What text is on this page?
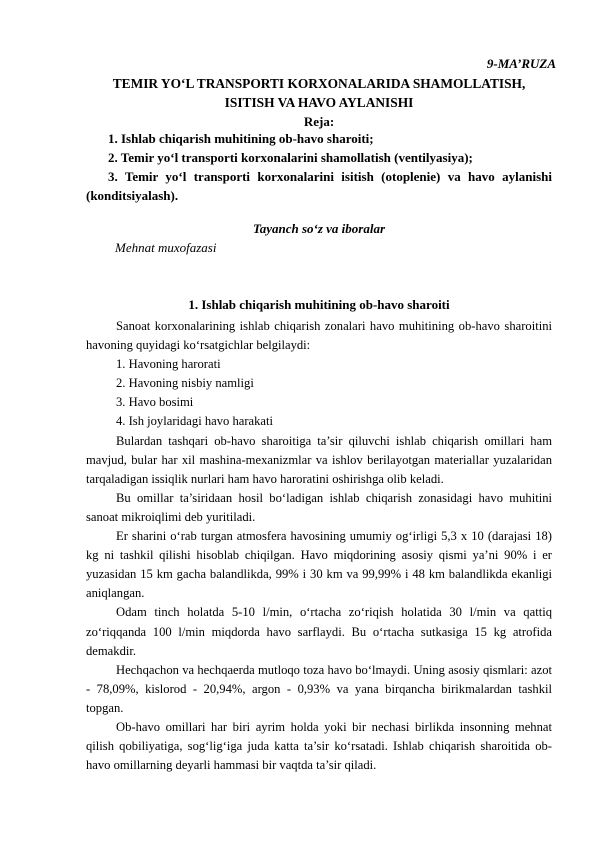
9-MA’RUZA
TEMIR YO‘L TRANSPORTI KORXONALARIDA SHAMOLLATISH,
ISITISH VA HAVO AYLANISHI
Reja:
1. Ishlab chiqarish muhitining ob-havo sharoiti;
2. Temir yo‘l transporti korxonalarini shamollatish (ventilyasiya);
3. Temir yo‘l transporti korxonalarini isitish (otoplenie) va havo aylanishi (konditsiyalash).
Tayanch so‘z va iboralar
Mehnat muxofazasi
1. Ishlab chiqarish muhitining ob-havo sharoiti

Sanoat korxonalarining ishlab chiqarish zonalari havo muhitining ob-havo sharoitini havoning quyidagi ko‘rsatgichlar belgilaydi:

1. Havoning harorati
2. Havoning nisbiy namligi
3. Havo bosimi
4. Ish joylaridagi havo harakati

Bulardan tashqari ob-havo sharoitiga ta’sir qiluvchi ishlab chiqarish omillari ham mavjud, bular har xil mashina-mexanizmlar va ishlov berilayotgan materiallar yuzalaridan tarqaladigan issiqlik nurlari ham havo haroratini oshirishga olib keladi.

Bu omillar ta’siridaan hosil bo‘ladigan ishlab chiqarish zonasidagi havo muhitini sanoat mikroiqlimi deb yuritiladi.

Er sharini o‘rab turgan atmosfera havosining umumiy og‘irligi 5,3 x 10 (darajasi 18) kg ni tashkil qilishi hisoblab chiqilgan. Havo miqdorining asosiy qismi ya’ni 90% i er yuzasidan 15 km gacha balandlikda, 99% i 30 km va 99,99% i 48 km balandlikda ekanligi aniqlangan.

Odam tinch holatda 5-10 l/min, o‘rtacha zo‘riqish holatida 30 l/min va qattiq zo‘riqqanda 100 l/min miqdorda havo sarflaydi. Bu o‘rtacha sutkasiga 15 kg atrofida demakdir.

Hechqachon va hechqaerda mutloqo toza havo bo‘lmaydi. Uning asosiy qismlari: azot - 78,09%, kislorod - 20,94%, argon - 0,93% va yana birqancha birikmalardan tashkil topgan.

Ob-havo omillari har biri ayrim holda yoki bir nechasi birlikda insonning mehnat qilish qobiliyatiga, sog‘lig‘iga juda katta ta’sir ko‘rsatadi. Ishlab chiqarish sharoitida ob-havo omillarning deyarli hammasi bir vaqtda ta’sir qiladi.
